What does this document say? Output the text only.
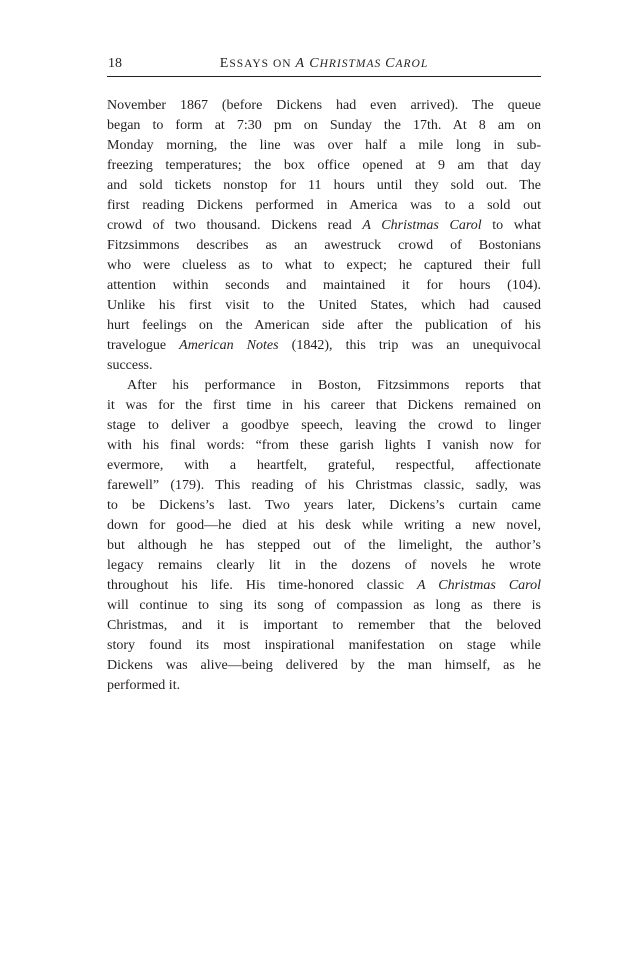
18	ESSAYS ON A CHRISTMAS CAROL
November 1867 (before Dickens had even arrived). The queue
began to form at 7:30 pm on Sunday the 17th. At 8 am on
Monday morning, the line was over half a mile long in sub-
freezing temperatures; the box office opened at 9 am that day
and sold tickets nonstop for 11 hours until they sold out. The
first reading Dickens performed in America was to a sold out
crowd of two thousand. Dickens read A Christmas Carol to what
Fitzsimmons describes as an awestruck crowd of Bostonians
who were clueless as to what to expect; he captured their full
attention within seconds and maintained it for hours (104).
Unlike his first visit to the United States, which had caused
hurt feelings on the American side after the publication of his
travelogue American Notes (1842), this trip was an unequivocal
success.
After his performance in Boston, Fitzsimmons reports that
it was for the first time in his career that Dickens remained on
stage to deliver a goodbye speech, leaving the crowd to linger
with his final words: “from these garish lights I vanish now for
evermore, with a heartfelt, grateful, respectful, affectionate
farewell” (179). This reading of his Christmas classic, sadly, was
to be Dickens’s last. Two years later, Dickens’s curtain came
down for good—he died at his desk while writing a new novel,
but although he has stepped out of the limelight, the author’s
legacy remains clearly lit in the dozens of novels he wrote
throughout his life. His time-honored classic A Christmas Carol
will continue to sing its song of compassion as long as there is
Christmas, and it is important to remember that the beloved
story found its most inspirational manifestation on stage while
Dickens was alive—being delivered by the man himself, as he
performed it.
